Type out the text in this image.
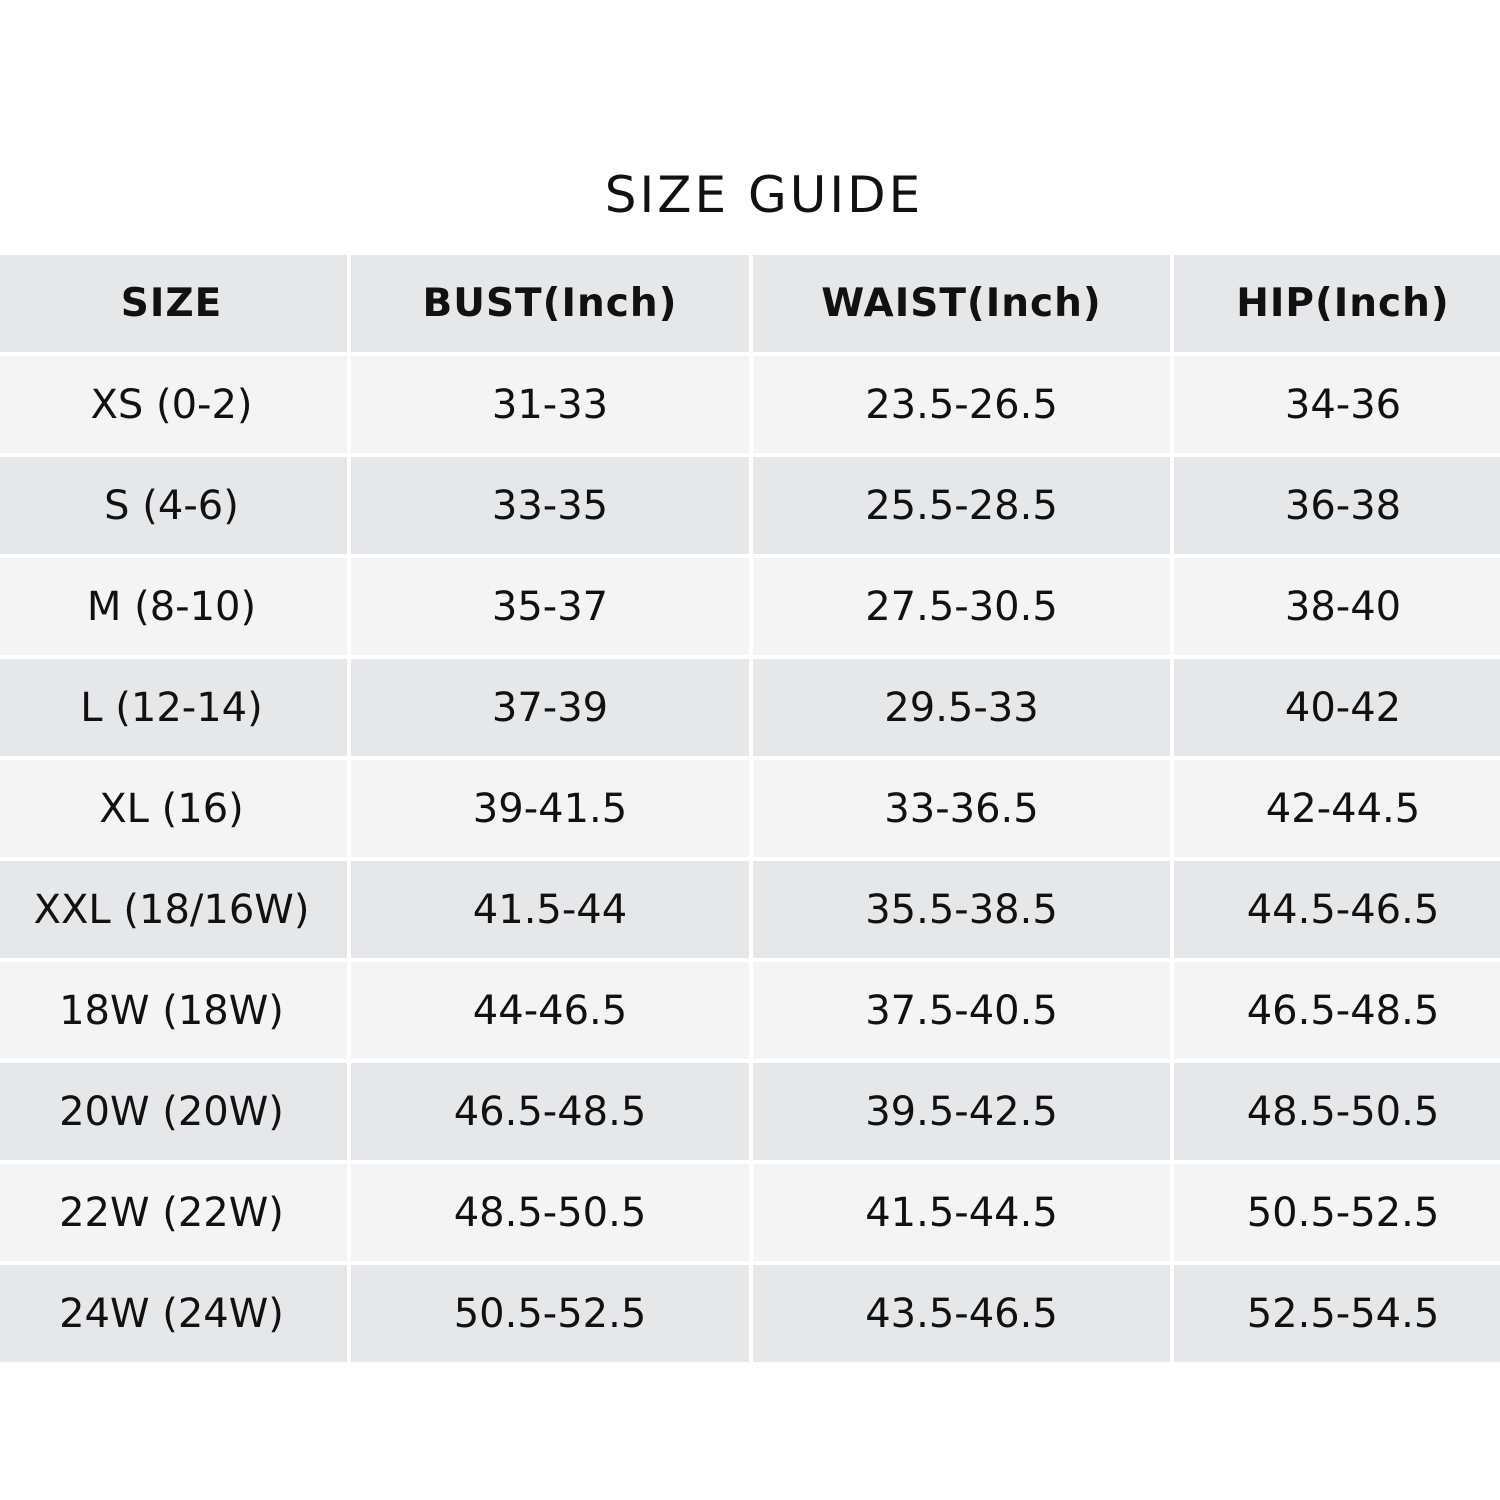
SIZE GUIDE
SIZE	BUST(Inch)	WAIST(Inch)	HIP(Inch)
XS (0-2)	31-33	23.5-26.5	34-36
S (4-6)	33-35	25.5-28.5	36-38
M (8-10)	35-37	27.5-30.5	38-40
L (12-14)	37-39	29.5-33	40-42
XL (16)	39-41.5	33-36.5	42-44.5
XXL (18/16W)	41.5-44	35.5-38.5	44.5-46.5
18W (18W)	44-46.5	37.5-40.5	46.5-48.5
20W (20W)	46.5-48.5	39.5-42.5	48.5-50.5
22W (22W)	48.5-50.5	41.5-44.5	50.5-52.5
24W (24W)	50.5-52.5	43.5-46.5	52.5-54.5
